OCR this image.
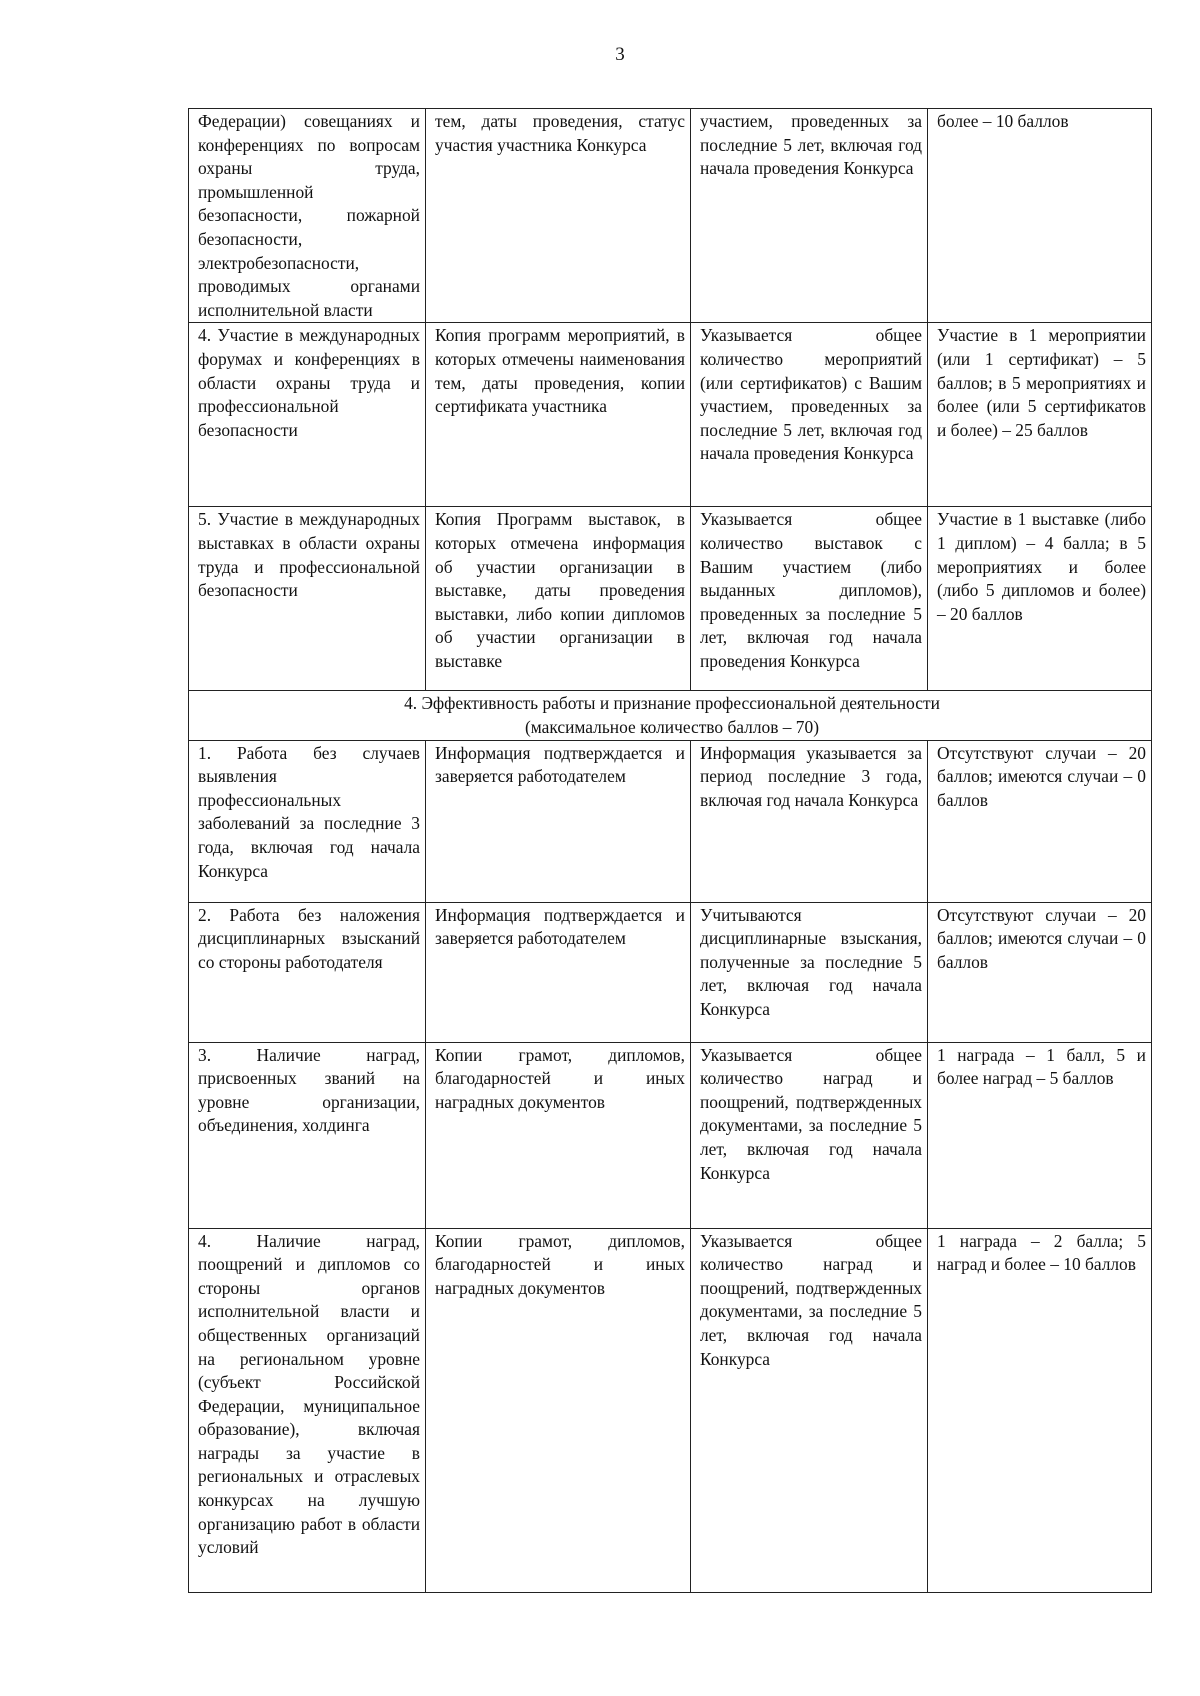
3
Федерации) совещаниях и конференциях по вопросам охраны труда, промышленной безопасности, пожарной безопасности, электробезопасности, проводимых органами исполнительной власти	тем, даты проведения, статус участия участника Конкурса	участием, проведенных за последние 5 лет, включая год начала проведения Конкурса	более – 10 баллов
4. Участие в международных форумах и конференциях в области охраны труда и профессиональной безопасности	Копия программ мероприятий, в которых отмечены наименования тем, даты проведения, копии сертификата участника	Указывается общее количество мероприятий (или сертификатов) с Вашим участием, проведенных за последние 5 лет, включая год начала проведения Конкурса	Участие в 1 мероприятии (или 1 сертификат) – 5 баллов; в 5 мероприятиях и более (или 5 сертификатов и более) – 25 баллов
5. Участие в международных выставках в области охраны труда и профессиональной безопасности	Копия Программ выставок, в которых отмечена информация об участии организации в выставке, даты проведения выставки, либо копии дипломов об участии организации в выставке	Указывается общее количество выставок с Вашим участием (либо выданных дипломов), проведенных за последние 5 лет, включая год начала проведения Конкурса	Участие в 1 выставке (либо 1 диплом) – 4 балла; в 5 мероприятиях и более (либо 5 дипломов и более) – 20 баллов

4. Эффективность работы и признание профессиональной деятельности
(максимальное количество баллов – 70)			

1. Работа без случаев выявления профессиональных заболеваний за последние 3 года, включая год начала Конкурса	Информация подтверждается и заверяется работодателем	Информация указывается за период последние 3 года, включая год начала Конкурса	Отсутствуют случаи – 20 баллов; имеются случаи – 0 баллов
2. Работа без наложения дисциплинарных взысканий со стороны работодателя	Информация подтверждается и заверяется работодателем	Учитываются дисциплинарные взыскания, полученные за последние 5 лет, включая год начала Конкурса	Отсутствуют случаи – 20 баллов; имеются случаи – 0 баллов
3. Наличие наград, присвоенных званий на уровне организации, объединения, холдинга	Копии грамот, дипломов, благодарностей и иных наградных документов	Указывается общее количество наград и поощрений, подтвержденных документами, за последние 5 лет, включая год начала Конкурса	1 награда – 1 балл, 5 и более наград – 5 баллов
4. Наличие наград, поощрений и дипломов со стороны органов исполнительной власти и общественных организаций на региональном уровне (субъект Российской Федерации, муниципальное образование), включая награды за участие в региональных и отраслевых конкурсах на лучшую организацию работ в области условий	Копии грамот, дипломов, благодарностей и иных наградных документов	Указывается общее количество наград и поощрений, подтвержденных документами, за последние 5 лет, включая год начала Конкурса	1 награда – 2 балла; 5 наград и более – 10 баллов
